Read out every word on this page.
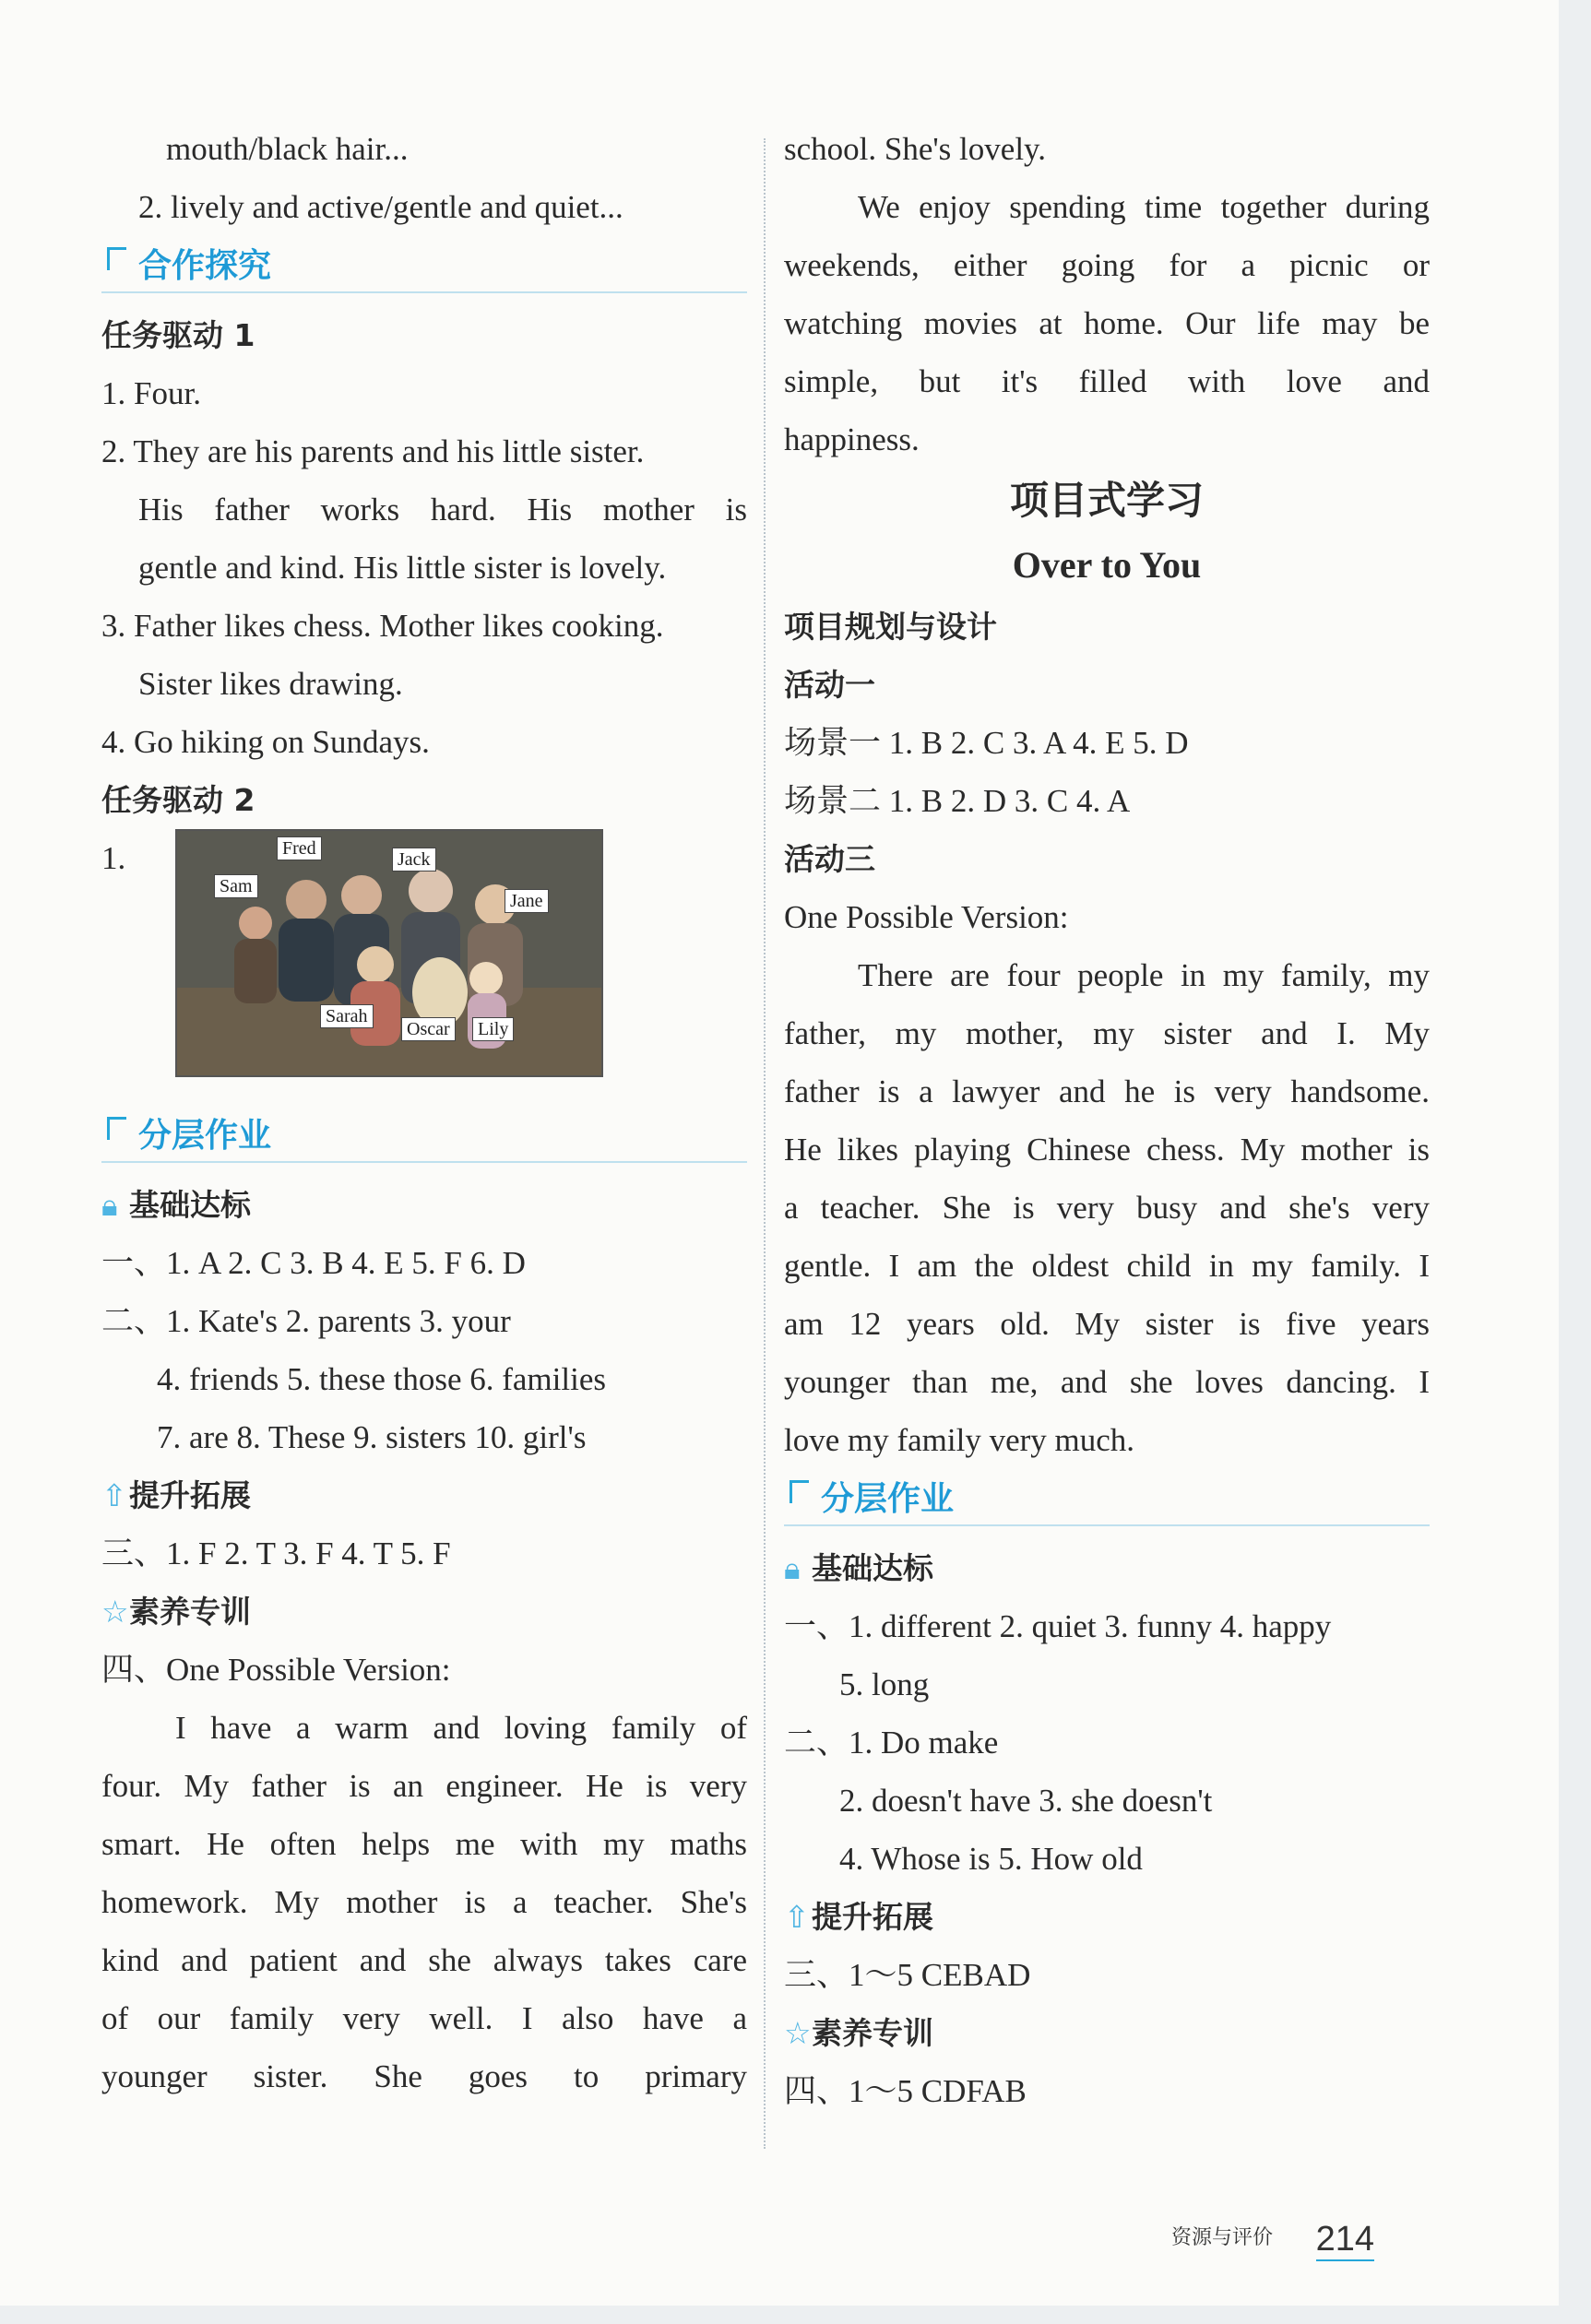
mouth/black hair...
2. lively and active/gentle and quiet...
合作探究
任务驱动 1
1. Four.
2. They are his parents and his little sister.
His father works hard. His mother is
gentle and kind. His little sister is lovely.
3. Father likes chess. Mother likes cooking.
Sister likes drawing.
4. Go hiking on Sundays.
任务驱动 2
1.	Fred
Jack
Sam
Jane
Sarah
Oscar	Lily
分层作业
🔒︎ 基础达标
一、1. A 2. C 3. B 4. E 5. F 6. D
二、1. Kate's 2. parents 3. your
4. friends 5. these those 6. families
7. are 8. These 9. sisters 10. girl's
⇧提升拓展
三、1. F 2. T 3. F 4. T 5. F
☆素养专训
四、One Possible Version:
I have a warm and loving family of
four. My father is an engineer. He is very
smart. He often helps me with my maths
homework. My mother is a teacher. She's
kind and patient and she always takes care
of our family very well. I also have a
younger sister. She goes to primary
school. She's lovely.
We enjoy spending time together during
weekends, either going for a picnic or
watching movies at home. Our life may be
simple, but it's filled with love and
happiness.
项目式学习
Over to You
项目规划与设计
活动一
场景一 1. B 2. C 3. A 4. E 5. D
场景二 1. B 2. D 3. C 4. A
活动三
One Possible Version:
There are four people in my family, my
father, my mother, my sister and I. My
father is a lawyer and he is very handsome.
He likes playing Chinese chess. My mother is
a teacher. She is very busy and she's very
gentle. I am the oldest child in my family. I
am 12 years old. My sister is five years
younger than me, and she loves dancing. I
love my family very much.
分层作业
🔒︎ 基础达标
一、1. different 2. quiet 3. funny 4. happy
5. long
二、1. Do make
2. doesn't have 3. she doesn't
4. Whose is 5. How old
⇧提升拓展
三、1～5 CEBAD
☆素养专训
四、1～5 CDFAB
资源与评价 214
